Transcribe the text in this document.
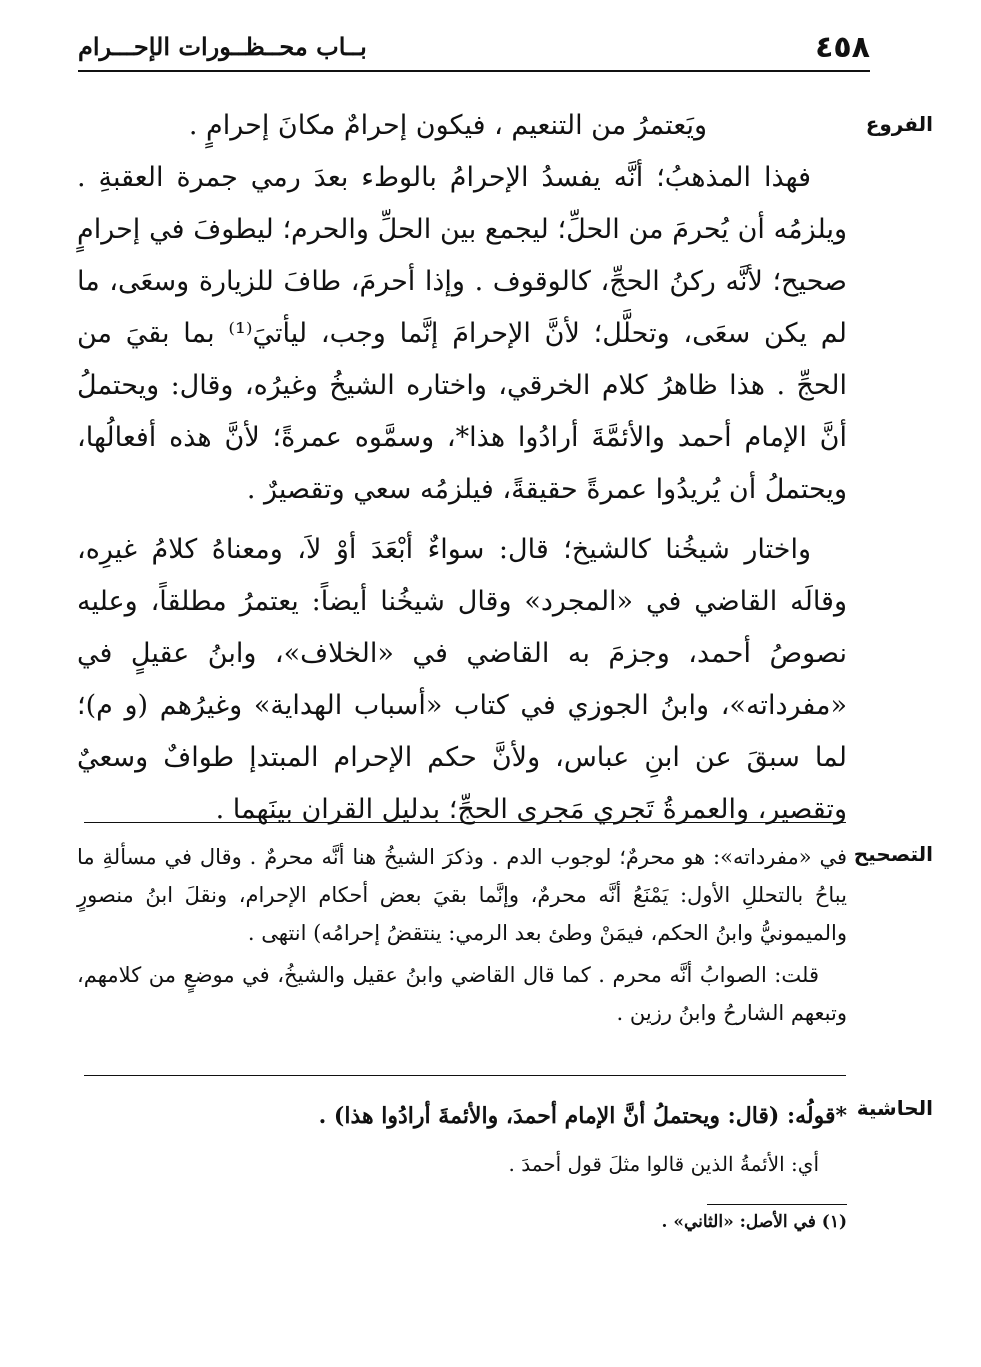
٤٥٨
بــاب محــظــورات الإحـــرام
الفروع
التصحيح
الحاشية

ويَعتمرُ من التنعيم ، فيكون إحرامٌ مكانَ إحرامٍ .

فهذا المذهبُ؛ أنَّه يفسدُ الإحرامُ بالوطء بعدَ رمي جمرة العقبةِ . ويلزمُه أن يُحرمَ من الحلِّ؛ ليجمع بين الحلِّ والحرم؛ ليطوفَ في إحرامٍ صحيح؛ لأنَّه ركنُ الحجِّ، كالوقوف . وإذا أحرمَ، طافَ للزيارة وسعَى، ما لم يكن سعَى، وتحلَّل؛ لأنَّ الإحرامَ إنَّما وجب، ليأتيَ⁽¹⁾ بما بقيَ من الحجِّ . هذا ظاهرُ كلام الخرقي، واختاره الشيخُ وغيرُه، وقال: ويحتملُ أنَّ الإمام أحمد والأئمَّةَ أرادُوا هذا*، وسمَّوه عمرةً؛ لأنَّ هذه أفعالُها، ويحتملُ أن يُريدُوا عمرةً حقيقةً، فيلزمُه سعي وتقصيرٌ .

واختار شيخُنا كالشيخ؛ قال: سواءٌ أبْعَدَ أوْ لاَ، ومعناهُ كلامُ غيرِه، وقالَه القاضي في «المجرد» وقال شيخُنا أيضاً: يعتمرُ مطلقاً، وعليه نصوصُ أحمد، وجزمَ به القاضي في «الخلاف»، وابنُ عقيلٍ في «مفرداته»، وابنُ الجوزي في كتاب «أسباب الهداية» وغيرُهم (و م)؛ لما سبقَ عن ابنِ عباس، ولأنَّ حكم الإحرام المبتدإ طوافٌ وسعيٌ وتقصير، والعمرةُ تَجري مَجرى الحجِّ؛ بدليل القران بينَهما .

في «مفرداته»: هو محرمٌ؛ لوجوب الدم . وذكرَ الشيخُ هنا أنَّه محرمٌ . وقال في مسألةِ ما يباحُ بالتحللِ الأول: يَمْنَعُ أنَّه محرمٌ، وإنَّما بقيَ بعض أحكام الإحرام، ونقلَ ابنُ منصورٍ والميمونيُّ وابنُ الحكم، فيمَنْ وطئ بعد الرمي: ينتقضُ إحرامُه) انتهى .

قلت: الصوابُ أنَّه محرم . كما قال القاضي وابنُ عقيل والشيخُ، في موضعٍ من كلامهم، وتبعهم الشارحُ وابنُ رزين .

*قولُه: (قال: ويحتملُ أنَّ الإمام أحمدَ، والأئمةَ أرادُوا هذا) .

أي: الأئمةُ الذين قالوا مثلَ قول أحمدَ .

(١) في الأصل: «الثاني» .
